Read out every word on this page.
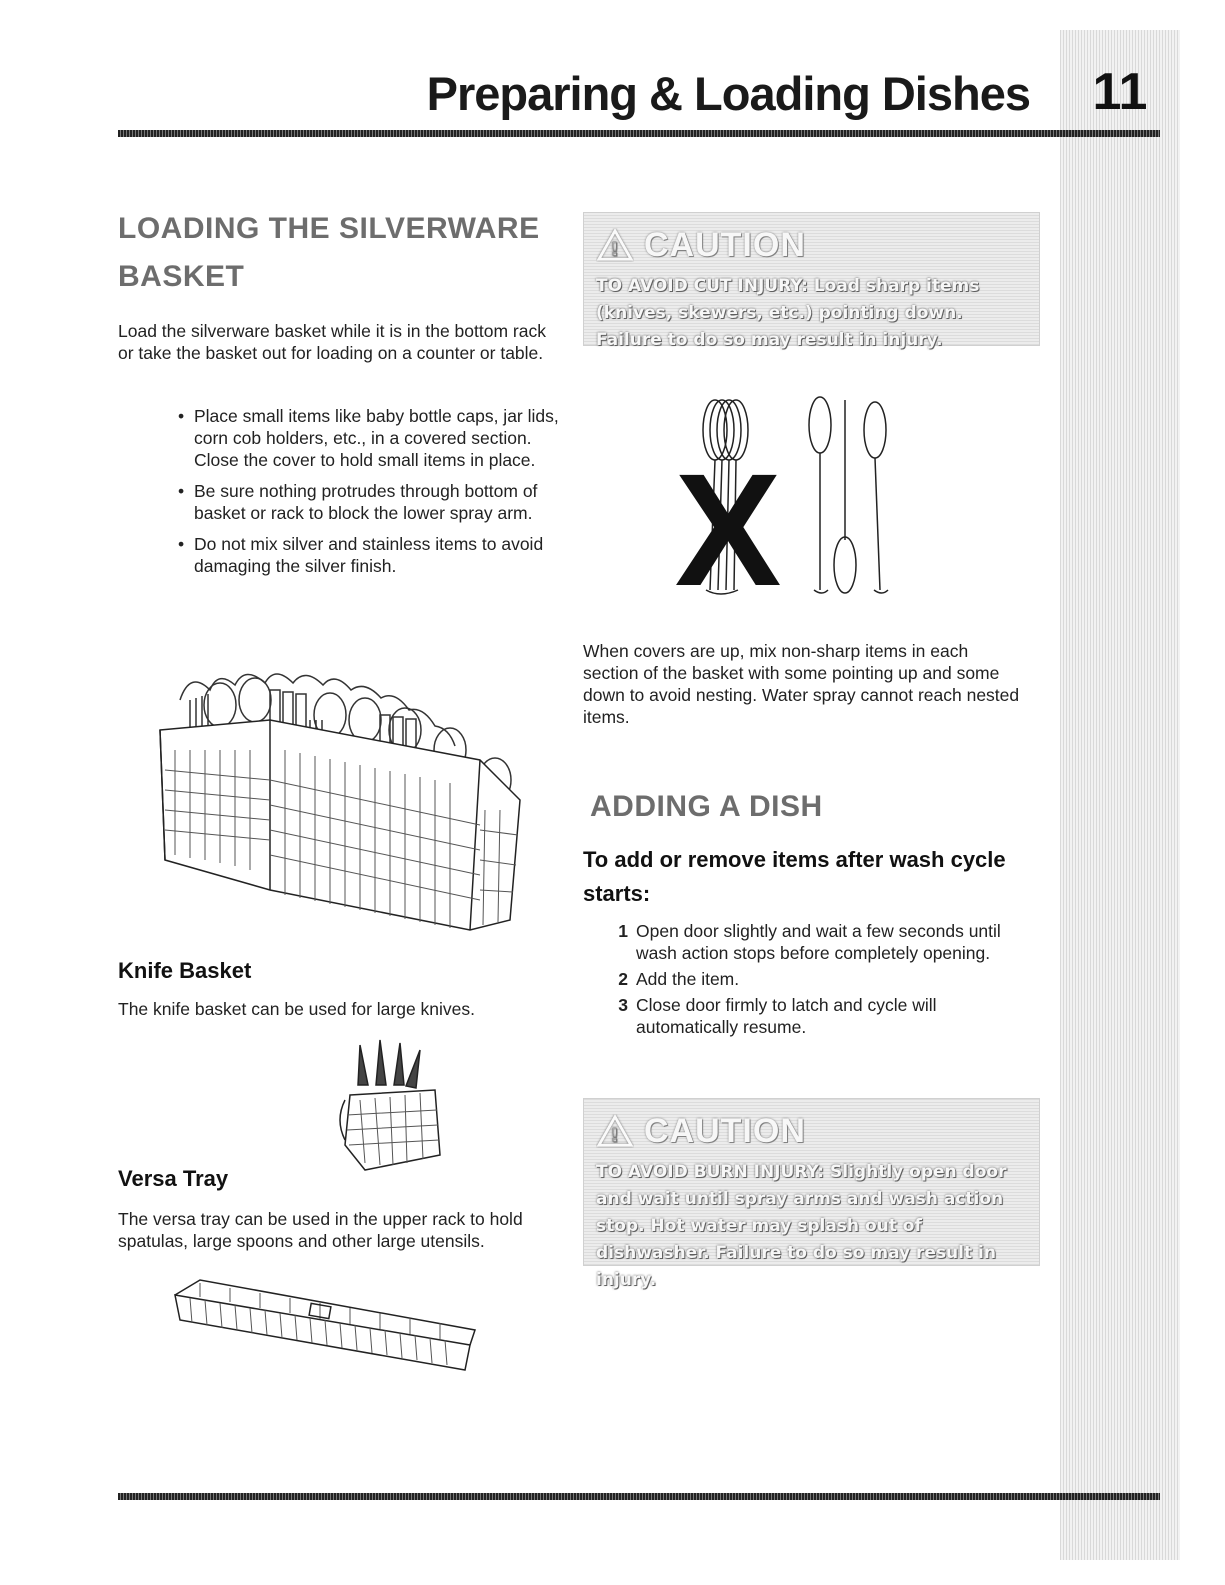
Preparing & Loading Dishes	11
LOADING THE SILVERWARE
BASKET
Load the silverware basket while it is in the bottom rack or take the basket out for loading on a counter or table.
• Place small items like baby bottle caps, jar lids, corn cob holders, etc., in a covered section. Close the cover to hold small items in place.
• Be sure nothing protrudes through bottom of basket or rack to block the lower spray arm.
• Do not mix silver and stainless items to avoid damaging the silver finish.
Knife Basket
The knife basket can be used for large knives.
Versa Tray
The versa tray can be used in the upper rack to hold spatulas, large spoons and other large utensils.
! CAUTION
TO AVOID CUT INJURY: Load sharp items (knives, skewers, etc.) pointing down. Failure to do so may result in injury.
X
When covers are up, mix non-sharp items in each section of the basket with some pointing up and some down to avoid nesting. Water spray cannot reach nested items.
ADDING A DISH
To add or remove items after wash cycle starts:
1 Open door slightly and wait a few seconds until wash action stops before completely opening.
2 Add the item.
3 Close door firmly to latch and cycle will automatically resume.
! CAUTION
TO AVOID BURN INJURY: Slightly open door and wait until spray arms and wash action stop. Hot water may splash out of dishwasher. Failure to do so may result in injury.
